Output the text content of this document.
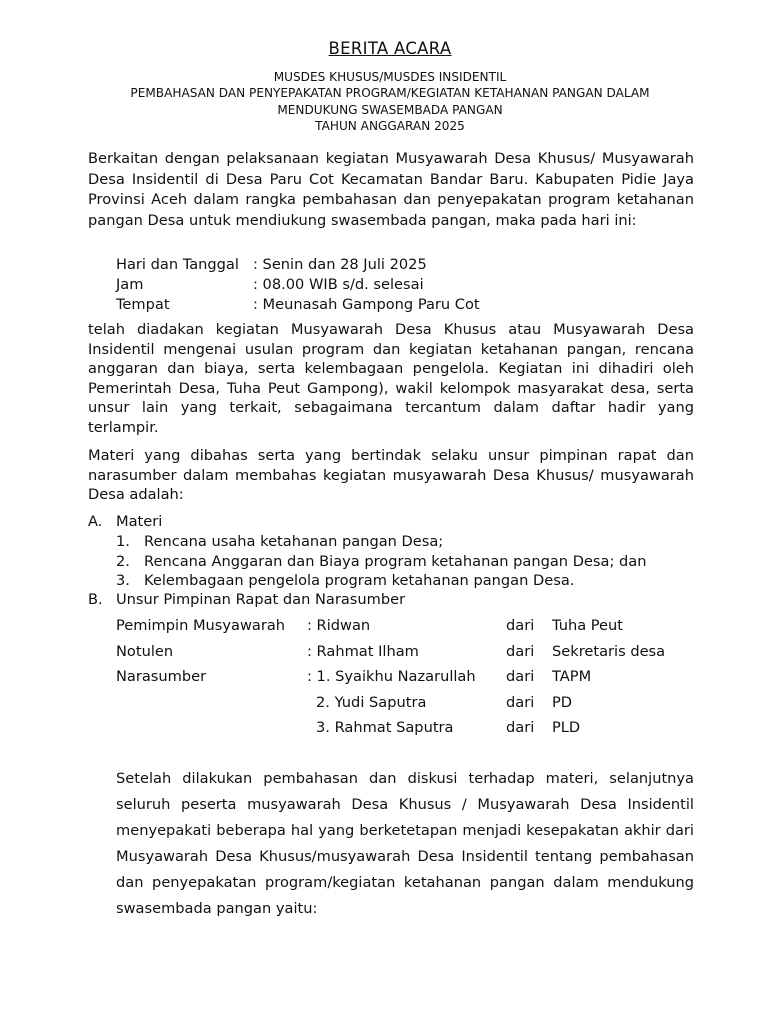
BERITA ACARA
MUSDES KHUSUS/MUSDES INSIDENTIL
PEMBAHASAN DAN PENYEPAKATAN PROGRAM/KEGIATAN KETAHANAN PANGAN DALAM
MENDUKUNG SWASEMBADA PANGAN
TAHUN ANGGARAN 2025
Berkaitan dengan pelaksanaan kegiatan Musyawarah Desa Khusus/ Musyawarah Desa Insidentil di Desa Paru Cot Kecamatan Bandar Baru. Kabupaten Pidie Jaya Provinsi Aceh dalam rangka pembahasan dan penyepakatan program ketahanan pangan Desa untuk mendiukung swasembada pangan, maka pada hari ini:
Hari dan Tanggal : Senin dan 28 Juli 2025
Jam	: 08.00 WIB s/d. selesai
Tempat	: Meunasah Gampong Paru Cot
telah diadakan kegiatan Musyawarah Desa Khusus atau Musyawarah Desa Insidentil mengenai usulan program dan kegiatan ketahanan pangan, rencana anggaran dan biaya, serta kelembagaan pengelola. Kegiatan ini dihadiri oleh Pemerintah Desa, Tuha Peut Gampong), wakil kelompok masyarakat desa, serta unsur lain yang terkait, sebagaimana tercantum dalam daftar hadir yang terlampir.
Materi yang dibahas serta yang bertindak selaku unsur pimpinan rapat dan narasumber dalam membahas kegiatan musyawarah Desa Khusus/ musyawarah Desa adalah:
A. Materi
1. Rencana usaha ketahanan pangan Desa;
2. Rencana Anggaran dan Biaya program ketahanan pangan Desa; dan
3. Kelembagaan pengelola program ketahanan pangan Desa.
B. Unsur Pimpinan Rapat dan Narasumber
Pemimpin Musyawarah	: Ridwan	dari	Tuha Peut
Notulen	: Rahmat Ilham	dari	Sekretaris desa
Narasumber	: 1. Syaikhu Nazarullah	dari	TAPM
2. Yudi Saputra	dari	PD
3. Rahmat Saputra	dari	PLD
Setelah dilakukan pembahasan dan diskusi terhadap materi, selanjutnya seluruh peserta musyawarah Desa Khusus / Musyawarah Desa Insidentil menyepakati beberapa hal yang berketetapan menjadi kesepakatan akhir dari Musyawarah Desa Khusus/musyawarah Desa Insidentil tentang pembahasan dan penyepakatan program/kegiatan ketahanan pangan dalam mendukung swasembada pangan yaitu:
